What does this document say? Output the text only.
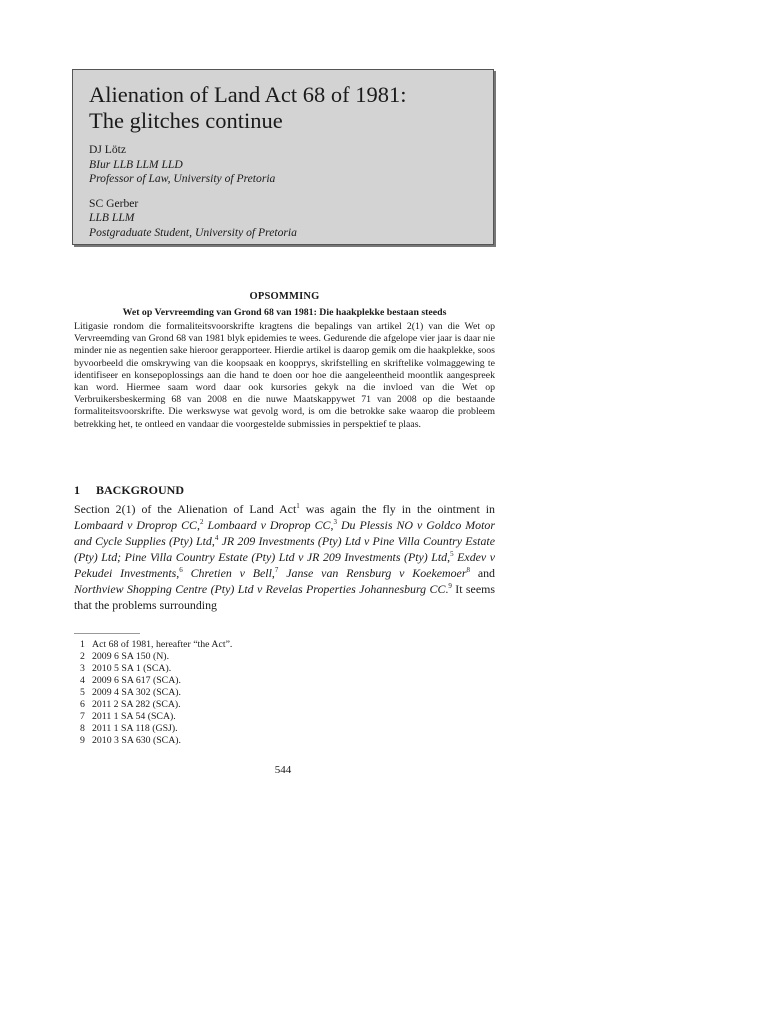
Alienation of Land Act 68 of 1981:
The glitches continue
DJ Lötz
BIur LLB LLM LLD
Professor of Law, University of Pretoria
SC Gerber
LLB LLM
Postgraduate Student, University of Pretoria
OPSOMMING
Wet op Vervreemding van Grond 68 van 1981: Die haakplekke bestaan steeds

Litigasie rondom die formaliteitsvoorskrifte kragtens die bepalings van artikel 2(1) van die Wet op Vervreemding van Grond 68 van 1981 blyk epidemies te wees. Gedurende die afgelope vier jaar is daar nie minder nie as negentien sake hieroor gerapporteer. Hierdie artikel is daarop gemik om die haakplekke, soos byvoorbeeld die omskrywing van die koopsaak en koopprys, skrifstelling en skriftelike volmaggewing te identifiseer en konsepoplossings aan die hand te doen oor hoe die aangeleentheid moontlik aangespreek kan word. Hiermee saam word daar ook kursories gekyk na die invloed van die Wet op Verbruikersbeskerming 68 van 2008 en die nuwe Maatskappywet 71 van 2008 op die bestaande formaliteitsvoorskrifte. Die werkswyse wat gevolg word, is om die betrokke sake waarop die probleem betrekking het, te ontleed en vandaar die voorgestelde submissies in perspektief te plaas.

1 BACKGROUND

Section 2(1) of the Alienation of Land Act$^1$ was again the fly in the ointment in Lombaard v Droprop CC,$^2$ Lombaard v Droprop CC,$^3$ Du Plessis NO v Goldco Motor and Cycle Supplies (Pty) Ltd,$^4$ JR 209 Investments (Pty) Ltd v Pine Villa Country Estate (Pty) Ltd; Pine Villa Country Estate (Pty) Ltd v JR 209 Investments (Pty) Ltd,$^5$ Exdev v Pekudei Investments,$^6$ Chretien v Bell,$^7$ Janse van Rensburg v Koekemoer$^8$ and Northview Shopping Centre (Pty) Ltd v Revelas Properties Johannesburg CC.$^9$ It seems that the problems surrounding

1 Act 68 of 1981, hereafter “the Act”.
2 2009 6 SA 150 (N).
3 2010 5 SA 1 (SCA).
4 2009 6 SA 617 (SCA).
5 2009 4 SA 302 (SCA).
6 2011 2 SA 282 (SCA).
7 2011 1 SA 54 (SCA).
8 2011 1 SA 118 (GSJ).
9 2010 3 SA 630 (SCA).
544
